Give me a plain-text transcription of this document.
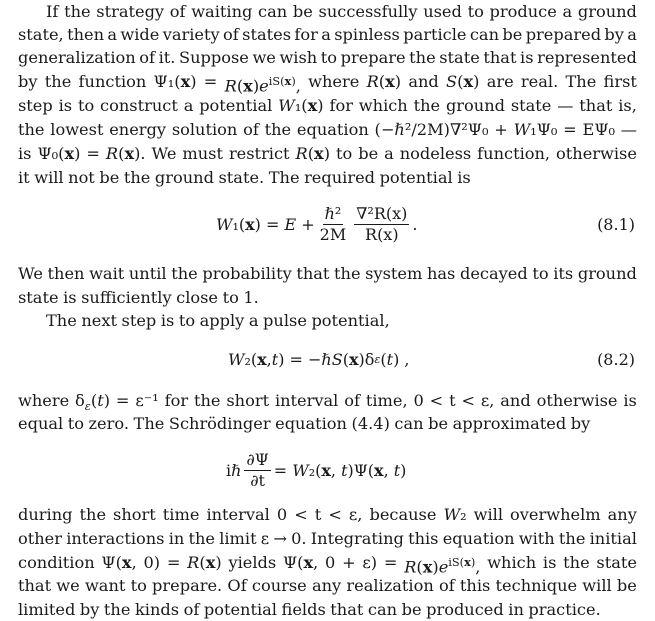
If the strategy of waiting can be successfully used to produce a ground
state, then a wide variety of states for a spinless particle can be prepared by a
generalization of it. Suppose we wish to prepare the state that is represented
by the function $\Psi_1(x) = R(x)e^{iS(x)}$, where R(x) and S(x) are real. The first
step is to construct a potential W₁(x) for which the ground state — that is,
the lowest energy solution of the equation (−ℏ²/2M)∇²Ψ₀ + W₁Ψ₀ = EΨ₀ —
is Ψ₀(x) = R(x). We must restrict R(x) to be a nodeless function, otherwise
it will not be the ground state. The required potential is
$W_1(x) = E + \frac{\text{ℏ²}}{2M} \frac{\text{∇²R(x)}}{R(x)}$ .	(8.1)
We then wait until the probability that the system has decayed to its ground
state is sufficiently close to 1.
The next step is to apply a pulse potential,
W ₂( x , t ) = −ℏ S ( x )δ ε ( t ) ,	(8.2)
where $\delta_\varepsilon(t) = \varepsilon^{-1}$ for the short interval of time, 0 < t < ε, and otherwise is
equal to zero. The Schrödinger equation (4.4) can be approximated by
iℏ $\frac{\partial\Psi}{\partial t} = W_2(x$, t)Ψ(x, t)
during the short time interval 0 < t < ε, because W₂ will overwhelm any
other interactions in the limit ε → 0. Integrating this equation with the initial
condition Ψ(x, 0) = R(x) yields Ψ(x, $0 + \varepsilon) = R(x)e^{iS(x)}$, which is the state
that we want to prepare. Of course any realization of this technique will be
limited by the kinds of potential fields that can be produced in practice.
